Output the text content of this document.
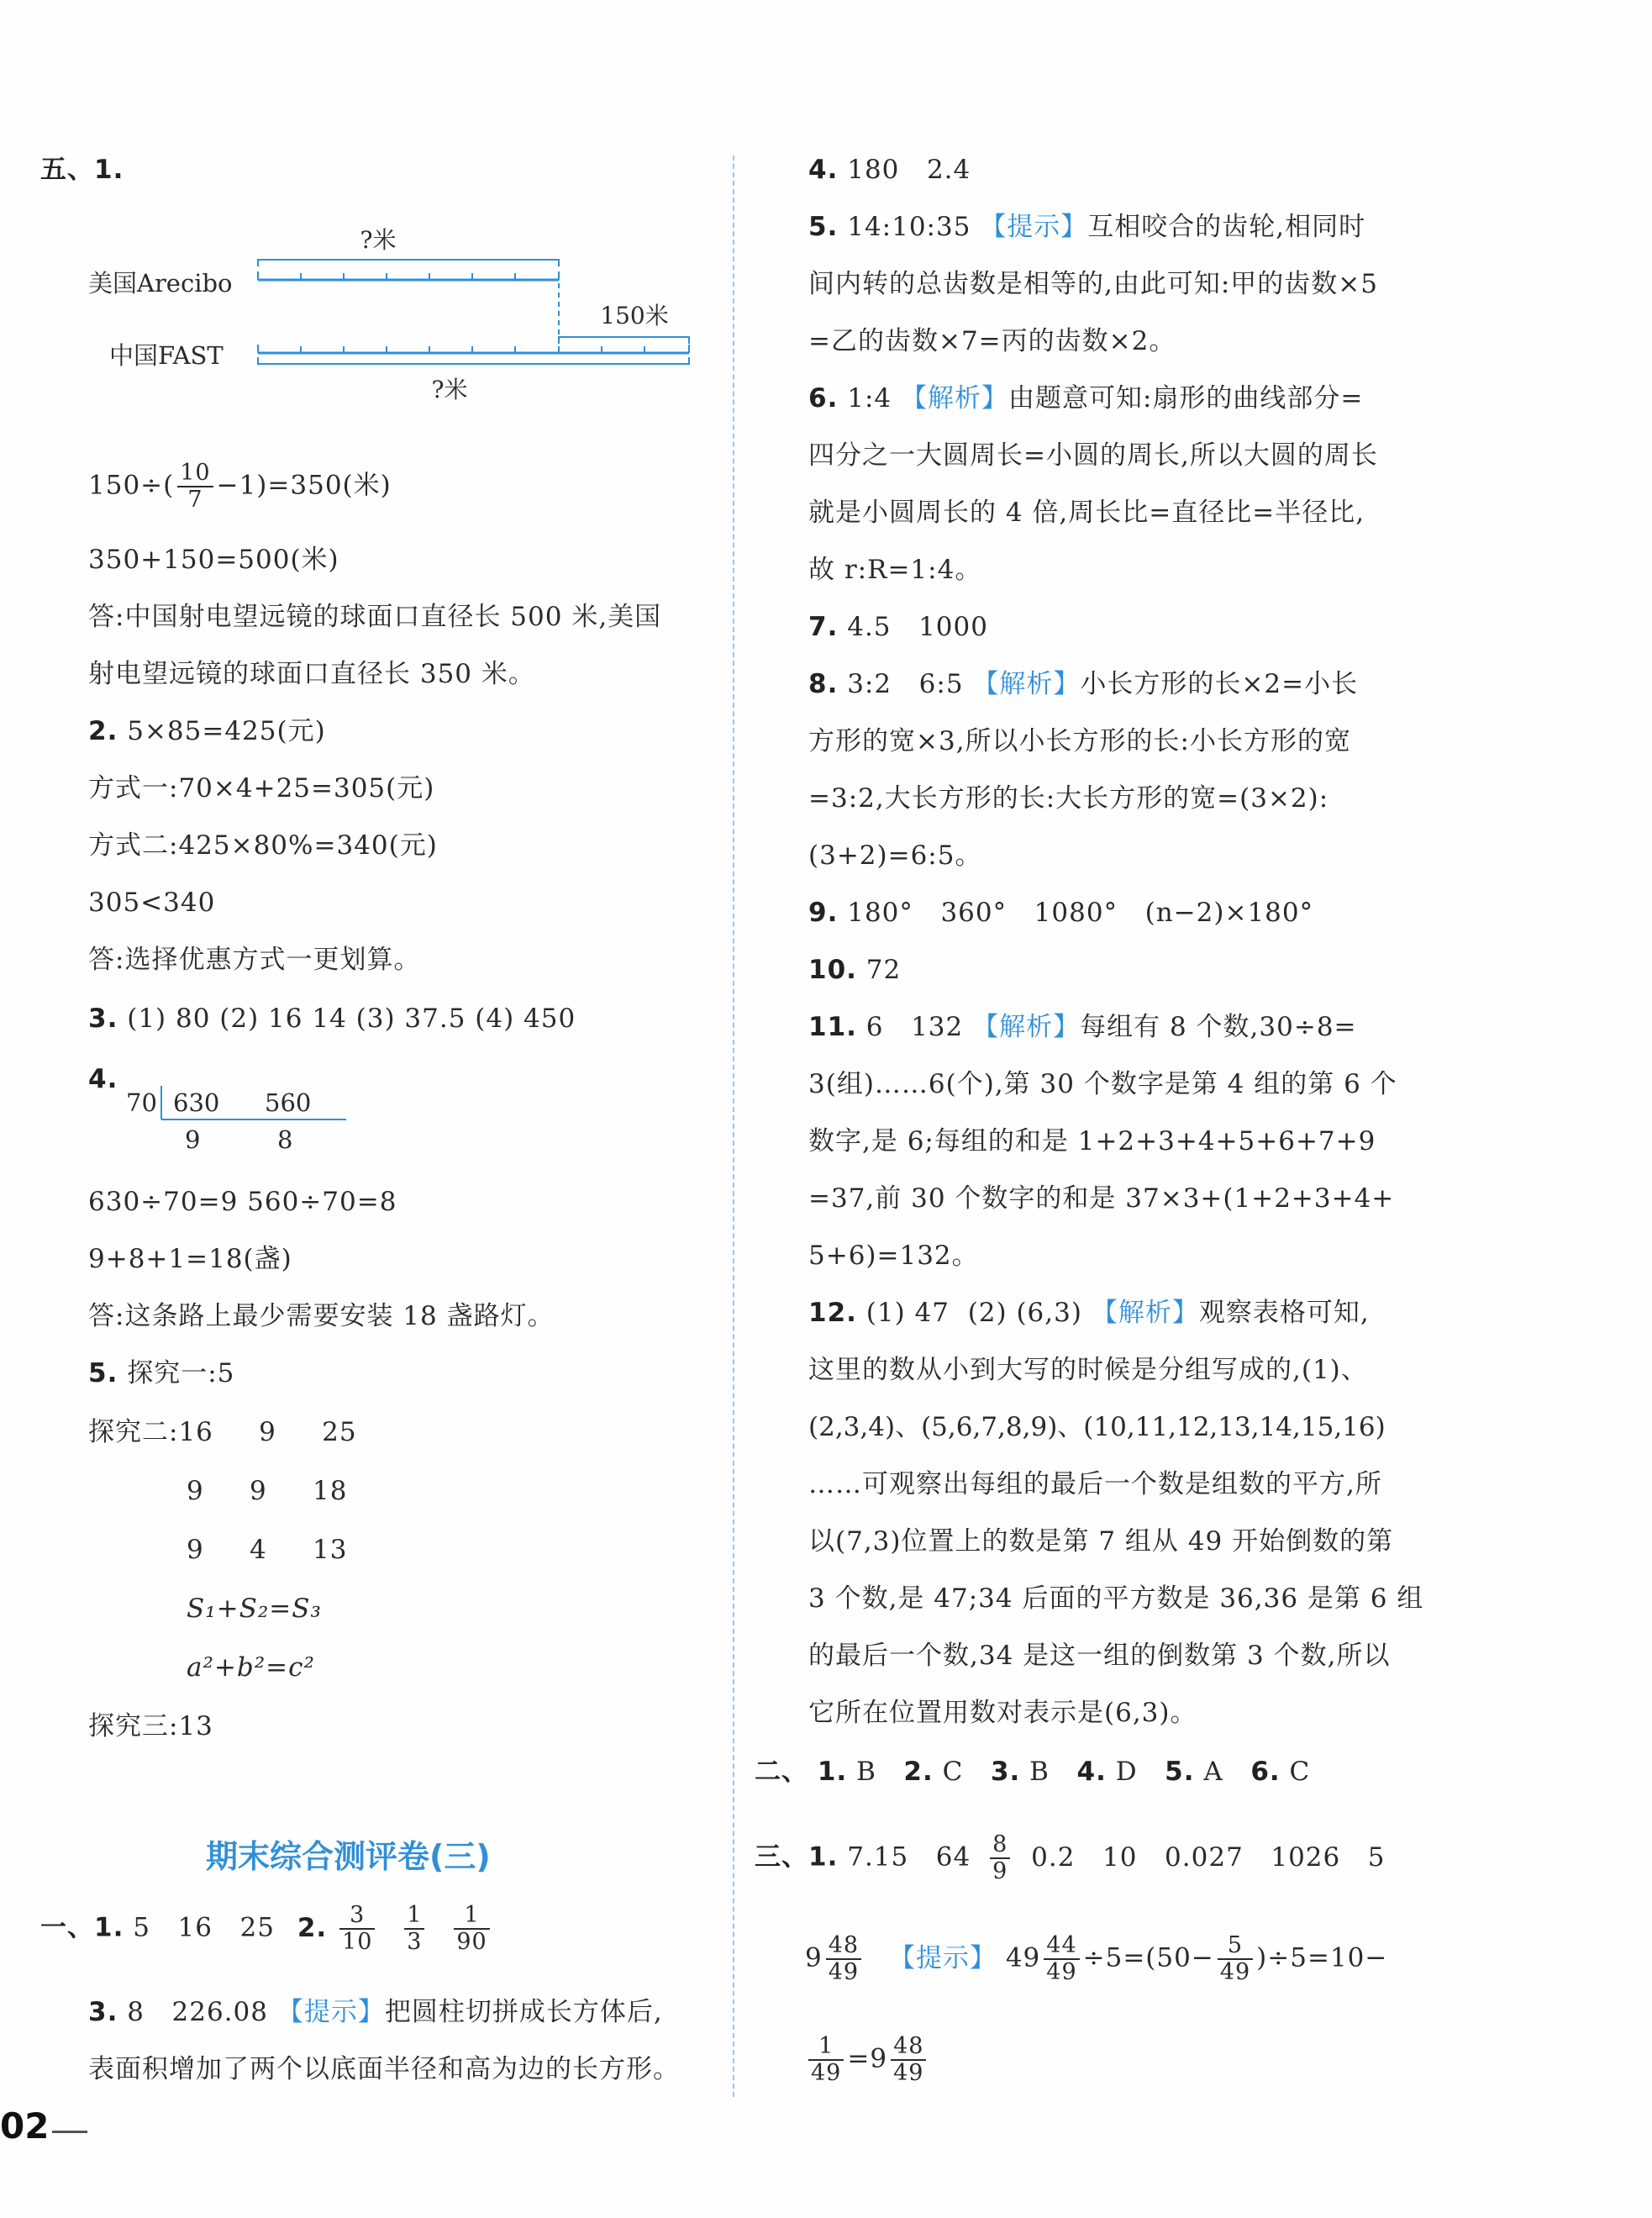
五、1.
?米
美国Arecibo
150米
中国FAST
?米
$150\div( \frac{10}{7} -1)=350$(米)
350+150=500(米)
答:中国射电望远镜的球面口直径长 500 米,美国
射电望远镜的球面口直径长 350 米。
2. 5×85=425(元)
方式一:70×4+25=305(元)
方式二:425×80%=340(元)
305<340
答:选择优惠方式一更划算。
3. (1) 80 (2) 16 14 (3) 37.5 (4) 450
4.
70 630 560
9	8
630÷70=9 560÷70=8
9+8+1=18(盏)
答:这条路上最少需要安装 18 盏路灯。
5. 探究一:5
探究二:16     9     25
9     9     18
9     4     13
S₁+S₂=S₃
a²+b²=c²
探究三:13
期末综合测评卷(三)
一、1. 5   16   25 2. $\frac{3}{10}$
$\frac{1}{3}$
$\frac{1}{90}$
3. 8   226.08 【提示】把圆柱切拼成长方体后,
表面积增加了两个以底面半径和高为边的长方形。
4. 180   2.4
5. 14:10:35 【提示】互相咬合的齿轮,相同时
间内转的总齿数是相等的,由此可知:甲的齿数×5
=乙的齿数×7=丙的齿数×2。
6. 1:4 【解析】由题意可知:扇形的曲线部分=
四分之一大圆周长=小圆的周长,所以大圆的周长
就是小圆周长的 4 倍,周长比=直径比=半径比,
故 r:R=1:4。
7. 4.5   1000
8. 3:2   6:5 【解析】小长方形的长×2=小长
方形的宽×3,所以小长方形的长:小长方形的宽
=3:2,大长方形的长:大长方形的宽=(3×2):
(3+2)=6:5。
9. 180°   360°   1080°   (n−2)×180°
10. 72
11. 6   132 【解析】每组有 8 个数,30÷8=
3(组)……6(个),第 30 个数字是第 4 组的第 6 个
数字,是 6;每组的和是 1+2+3+4+5+6+7+9
=37,前 30 个数字的和是 37×3+(1+2+3+4+
5+6)=132。
12. (1) 47  (2) (6,3) 【解析】观察表格可知,
这里的数从小到大写的时候是分组写成的,(1)、
(2,3,4)、(5,6,7,8,9)、(10,11,12,13,14,15,16)
……可观察出每组的最后一个数是组数的平方,所
以(7,3)位置上的数是第 7 组从 49 开始倒数的第
3 个数,是 47;34 后面的平方数是 36,36 是第 6 组
的最后一个数,34 是这一组的倒数第 3 个数,所以
它所在位置用数对表示是(6,3)。
二、 1. B 2. C 3. B 4. D 5. A 6. C
三、1. 7.15   $64 \frac{8}{9} 0.2$   10   0.027   1026   5
$9 \frac{48}{49}$ 【提示】 $49 \frac{44}{49} \div 5=(50- \frac{5}{49} )\div 5=10-$
$\frac{1}{49} =9 \frac{48}{49}$
02
